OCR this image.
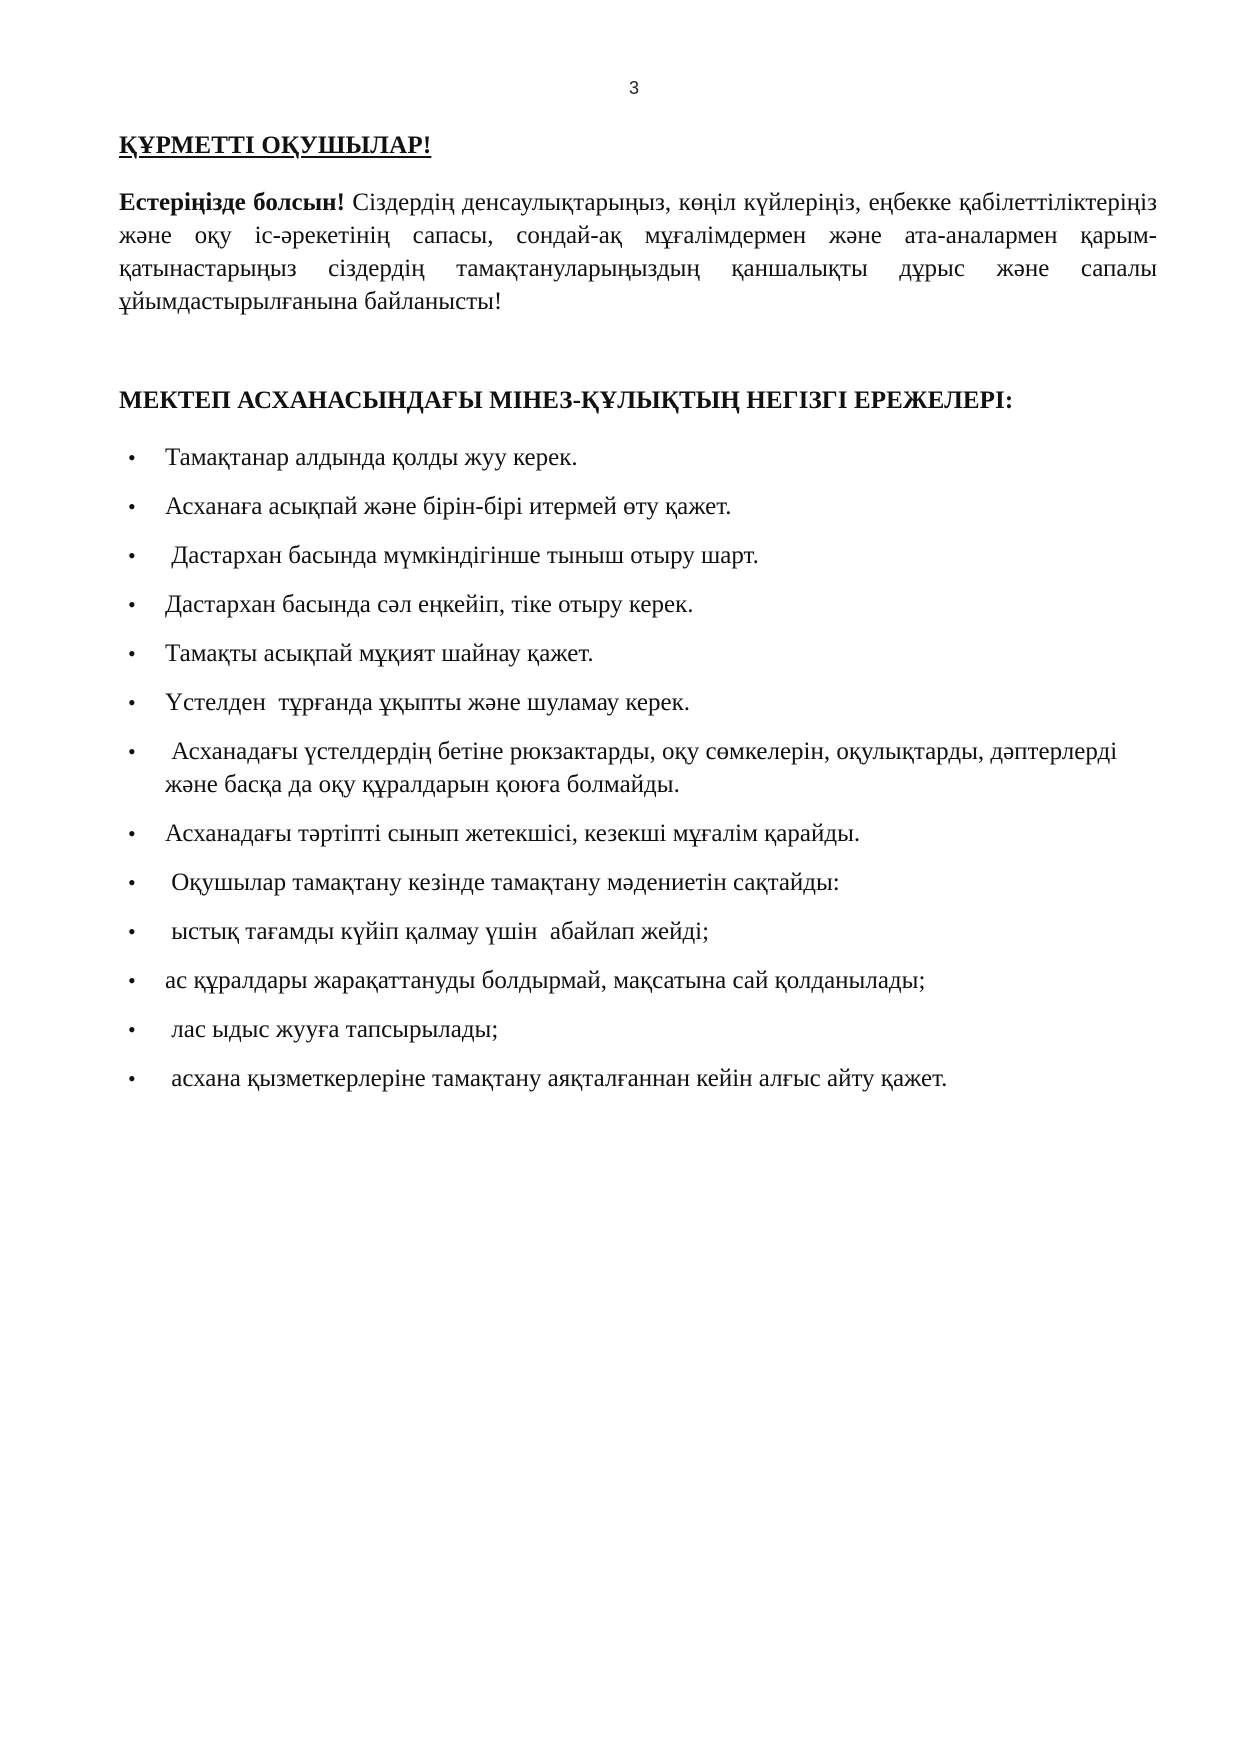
3
ҚҰРМЕТТІ ОҚУШЫЛАР!

Естеріңізде болсын! Сіздердің денсаулықтарыңыз, көңіл күйлеріңіз, еңбекке қабілеттіліктеріңіз және оқу іс-әрекетінің сапасы, сондай-ақ мұғалімдермен және ата-аналармен қарым-қатынастарыңыз сіздердің тамақтануларыңыздың қаншалықты дұрыс және сапалы ұйымдастырылғанына байланысты!

МЕКТЕП АСХАНАСЫНДАҒЫ МІНЕЗ-ҚҰЛЫҚТЫҢ НЕГІЗГІ ЕРЕЖЕЛЕРІ:
• Тамақтанар алдында қолды жуу керек.
• Асханаға асықпай және бірін-бірі итермей өту қажет.
• Дастархан басында мүмкіндігінше тыныш отыру шарт.
• Дастархан басында сәл еңкейіп, тіке отыру керек.
• Тамақты асықпай мұқият шайнау қажет.
• Үстелден  тұрғанда ұқыпты және шуламау керек.
• Асханадағы үстелдердің бетіне рюкзактарды, оқу сөмкелерін, оқулықтарды, дәптерлерді және басқа да оқу құралдарын қоюға болмайды.
• Асханадағы тәртіпті сынып жетекшісі, кезекші мұғалім қарайды.
• Оқушылар тамақтану кезінде тамақтану мәдениетін сақтайды:
• ыстық тағамды күйіп қалмау үшін  абайлап жейді;
• ас құралдары жарақаттануды болдырмай, мақсатына сай қолданылады;
• лас ыдыс жууға тапсырылады;
• асхана қызметкерлеріне тамақтану аяқталғаннан кейін алғыс айту қажет.
